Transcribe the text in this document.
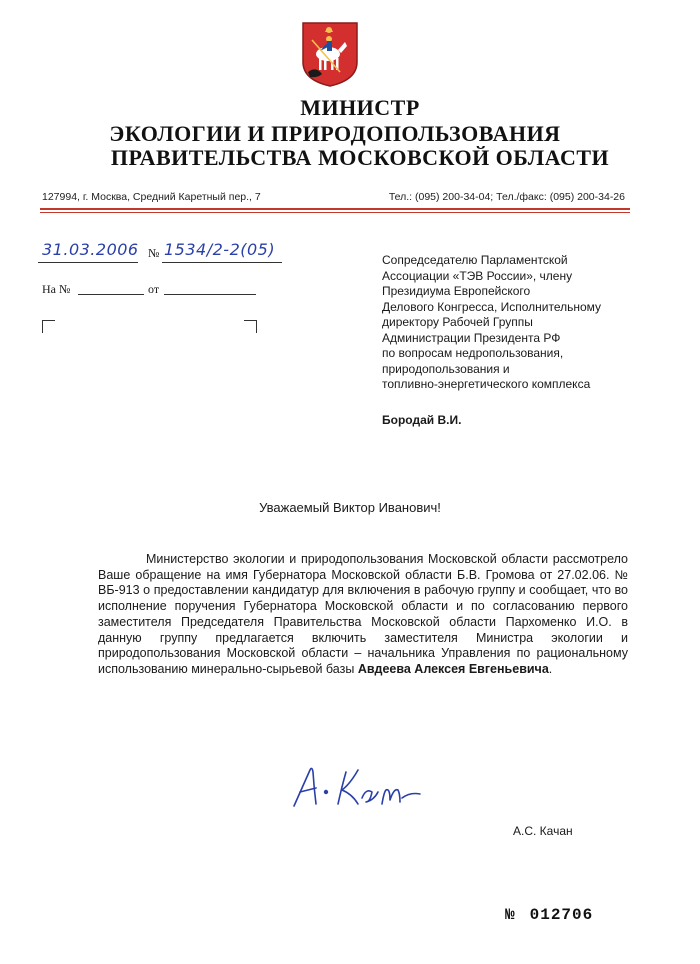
МИНИСТР
ЭКОЛОГИИ И ПРИРОДОПОЛЬЗОВАНИЯ
ПРАВИТЕЛЬСТВА МОСКОВСКОЙ ОБЛАСТИ
127994, г. Москва, Средний Каретный пер., 7	Тел.: (095) 200-34-04; Тел./факс: (095) 200-34-26
31.03.2006 № 1534/2-2(05)
На №	от
Сопредседателю Парламентской
Ассоциации «ТЭВ России», члену
Президиума Европейского
Делового Конгресса, Исполнительному
директору Рабочей Группы
Администрации Президента РФ
по вопросам недропользования,
природопользования и
топливно-энергетического комплекса
Бородай В.И.
Уважаемый Виктор Иванович!
Министерство экологии и природопользования Московской области рассмотрело Ваше обращение на имя Губернатора Московской области Б.В. Громова от 27.02.06. № ВБ-913 о предоставлении кандидатур для включения в рабочую группу и сообщает, что во исполнение поручения Губернатора Московской области и по согласованию первого заместителя Председателя Правительства Московской области Пархоменко И.О. в данную группу предлагается включить заместителя Министра экологии и природопользования Московской области – начальника Управления по рациональному использованию минерально-сырьевой базы Авдеева Алексея Евгеньевича.
А.С. Качан
№ 012706
